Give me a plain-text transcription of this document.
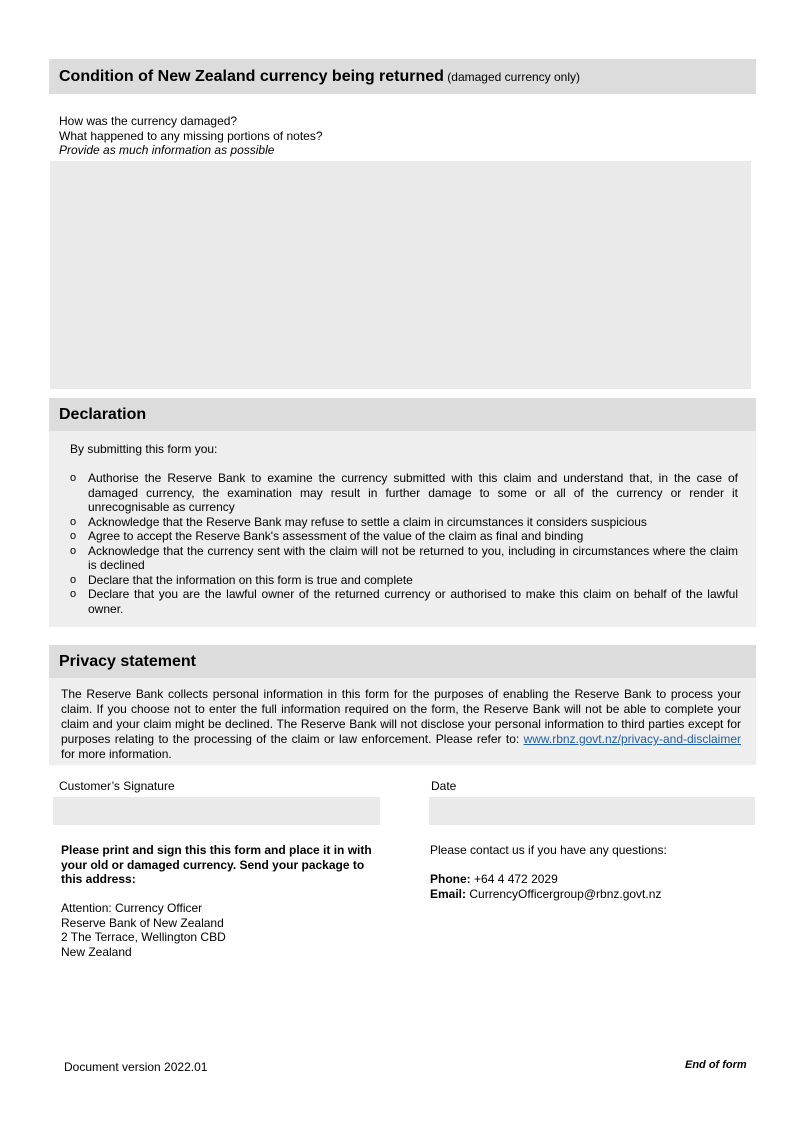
Condition of New Zealand currency being returned (damaged currency only)
How was the currency damaged?
What happened to any missing portions of notes?
Provide as much information as possible
Declaration
By submitting this form you:
o Authorise the Reserve Bank to examine the currency submitted with this claim and understand that, in the case of damaged currency, the examination may result in further damage to some or all of the currency or render it unrecognisable as currency
o Acknowledge that the Reserve Bank may refuse to settle a claim in circumstances it considers suspicious
o Agree to accept the Reserve Bank's assessment of the value of the claim as final and binding
o Acknowledge that the currency sent with the claim will not be returned to you, including in circumstances where the claim is declined
o Declare that the information on this form is true and complete
o Declare that you are the lawful owner of the returned currency or authorised to make this claim on behalf of the lawful owner.
Privacy statement
The Reserve Bank collects personal information in this form for the purposes of enabling the Reserve Bank to process your claim. If you choose not to enter the full information required on the form, the Reserve Bank will not be able to complete your claim and your claim might be declined. The Reserve Bank will not disclose your personal information to third parties except for purposes relating to the processing of the claim or law enforcement. Please refer to: www.rbnz.govt.nz/privacy-and-disclaimer for more information.
Customer’s Signature	Date
Please print and sign this this form and place it in with your old or damaged currency. Send your package to this address:
Attention: Currency Officer
Reserve Bank of New Zealand
2 The Terrace, Wellington CBD
New Zealand
Please contact us if you have any questions:
Phone: +64 4 472 2029
Email: CurrencyOfficergroup@rbnz.govt.nz
Document version 2022.01	End of form
